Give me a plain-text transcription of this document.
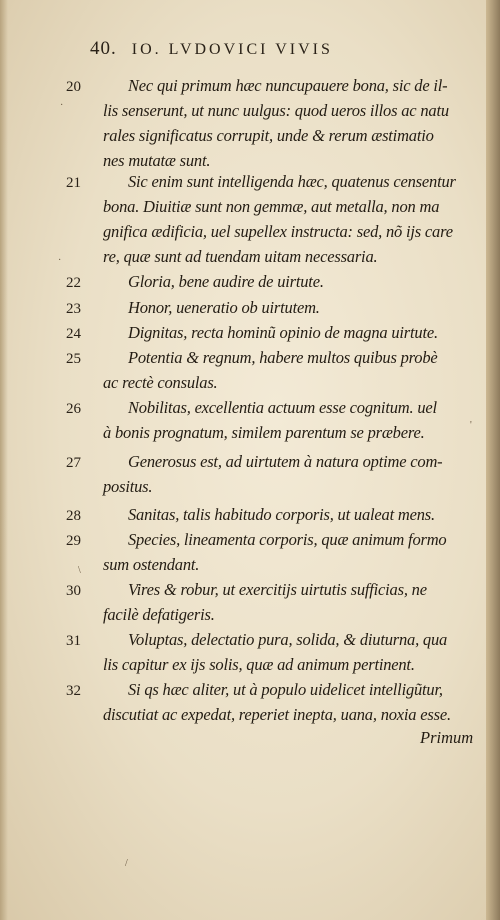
40. IO. LVDOVICI VIVIS
20	Nec qui primum hæc nuncupauere bona, sic de il-
lis senserunt, ut nunc uulgus: quod ueros illos ac natu
rales significatus corrupit, unde & rerum æstimatio
nes mutatæ sunt.
21	Sic enim sunt intelligenda hæc, quatenus censentur
bona. Diuitiæ sunt non gemmæ, aut metalla, non ma
gnifica ædificia, uel supellex instructa: sed, nõ ijs care
re, quæ sunt ad tuendam uitam necessaria.
22	Gloria, bene audire de uirtute.
23	Honor, ueneratio ob uirtutem.
24	Dignitas, recta hominũ opinio de magna uirtute.
25	Potentia & regnum, habere multos quibus probè
ac rectè consulas.
26	Nobilitas, excellentia actuum esse cognitum. uel
à bonis prognatum, similem parentum se præbere.
27	Generosus est, ad uirtutem à natura optime com-
positus.
28	Sanitas, talis habitudo corporis, ut ualeat mens.
29	Species, lineamenta corporis, quæ animum formo
sum ostendant.
30	Vires & robur, ut exercitijs uirtutis sufficias, ne
facilè defatigeris.
31	Voluptas, delectatio pura, solida, & diuturna, qua
lis capitur ex ijs solis, quæ ad animum pertinent.
32	Si qs hæc aliter, ut à populo uidelicet intelligũtur,
discutiat ac expedat, reperiet inepta, uana, noxia esse.
Primum
·
·
\
'
/
